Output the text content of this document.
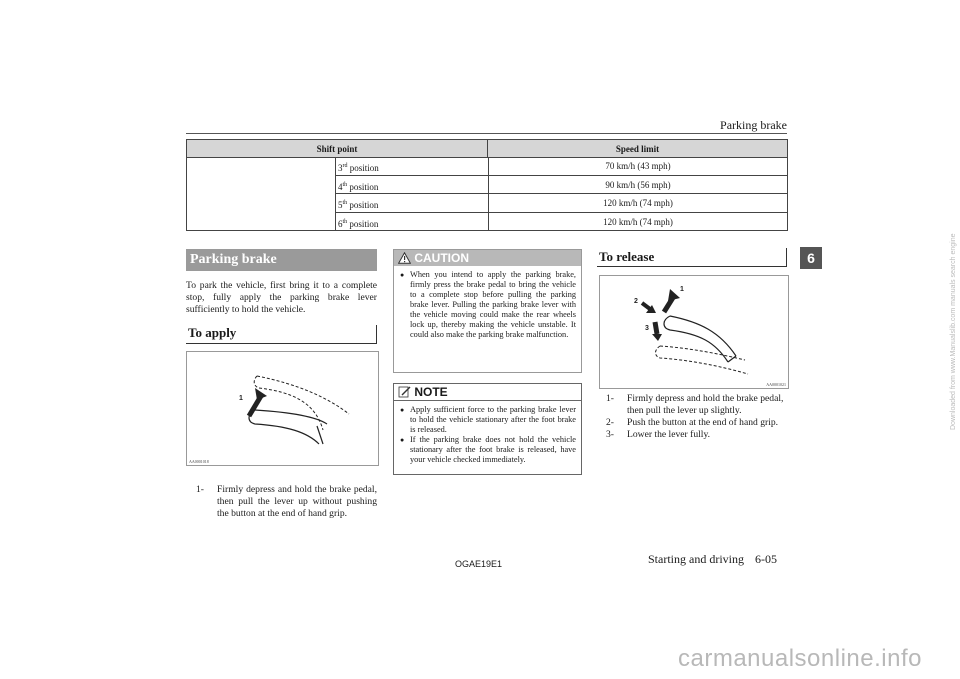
Parking brake
Shift point	Speed limit
3rd position	70 km/h (43 mph)
4th position	90 km/h (56 mph)
5th position	120 km/h (74 mph)
6th position	120 km/h (74 mph)
Parking brake
To park the vehicle, first bring it to a complete stop, fully apply the parking brake lever sufficiently to hold the vehicle.
To apply
1
AA0001018
1-	Firmly depress and hold the brake pedal, then pull the lever up without pushing the button at the end of hand grip.
CAUTION
● When you intend to apply the parking brake, firmly press the brake pedal to bring the vehicle to a complete stop before pulling the parking brake lever. Pulling the parking brake lever with the vehicle moving could make the rear wheels lock up, thereby making the vehicle unstable. It could also make the parking brake malfunction.
NOTE
● Apply sufficient force to the parking brake lever to hold the vehicle stationary after the foot brake is released.
● If the parking brake does not hold the vehicle stationary after the foot brake is released, have your vehicle checked immediately.
To release
1
2
3
AA0001021
1-	Firmly depress and hold the brake pedal, then pull the lever up slightly.
2-	Push the button at the end of hand grip.
3-	Lower the lever fully.
6
OGAE19E1	Starting and driving 6-05
carmanualsonline.info
Downloaded from www.Manualslib.com manuals search engine
